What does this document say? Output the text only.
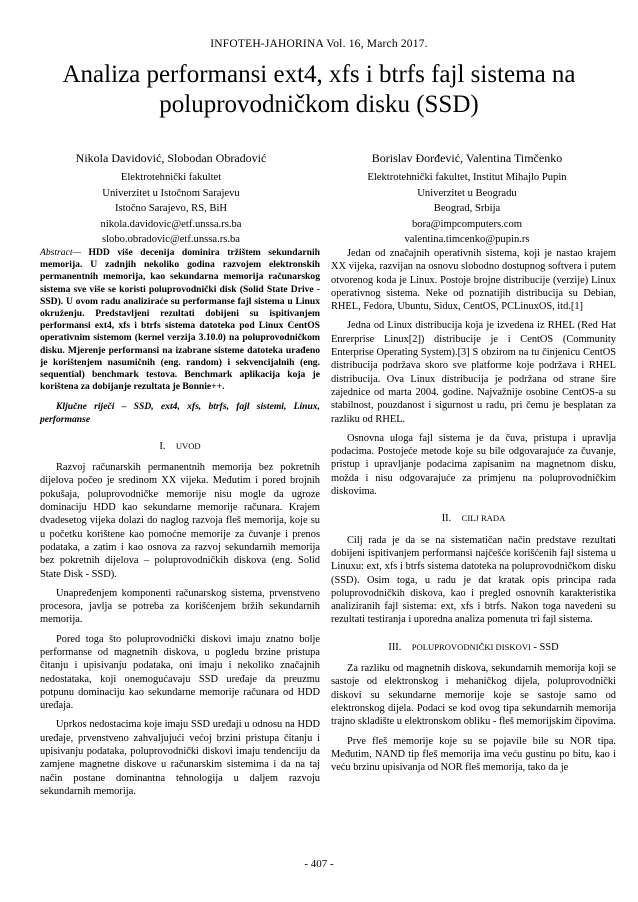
INFOTEH-JAHORINA Vol. 16, March 2017.
Analiza performansi ext4, xfs i btrfs fajl sistema na
poluprovodničkom disku (SSD)
Nikola Davidović, Slobodan Obradović
Elektrotehnički fakultet
Univerzitet u Istočnom Sarajevu
Istočno Sarajevo, RS, BiH
nikola.davidovic@etf.unssa.rs.ba
slobo.obradovic@etf.unssa.rs.ba
Borislav Đorđević, Valentina Timčenko
Elektrotehnički fakultet, Institut Mihajlo Pupin
Univerzitet u Beogradu
Beograd, Srbija
bora@impcomputers.com
valentina.timcenko@pupin.rs

Abstract— HDD više decenija dominira tržištem sekundarnih memorija. U zadnjih nekoliko godina razvojem elektronskih permanentnih memorija, kao sekundarna memorija računarskog sistema sve više se koristi poluprovodnički disk (Solid State Drive - SSD). U ovom radu analiziraće su performanse fajl sistema u Linux okruženju. Predstavljeni rezultati dobijeni su ispitivanjem performansi ext4, xfs i btrfs sistema datoteka pod Linux CentOS operativnim sistemom (kernel verzija 3.10.0) na poluprovodničkom disku. Mjerenje performansi na izabrane sisteme datoteka urađeno je korištenjem nasumičnih (eng. random) i sekvencijalnih (eng. sequential) benchmark testova. Benchmark aplikacija koja je korištena za dobijanje rezultata je Bonnie++.

Ključne riječi – SSD, ext4, xfs, btrfs, fajl sistemi, Linux, performanse

I. UVOD

Razvoj računarskih permanentnih memorija bez pokretnih dijelova počeo je sredinom XX vijeka. Međutim i pored brojnih pokušaja, poluprovodničke memorije nisu mogle da ugroze dominaciju HDD kao sekundarne memorije računara. Krajem dvadesetog vijeka dolazi do naglog razvoja fleš memorija, koje su u početku korištene kao pomoćne memorije za čuvanje i prenos podataka, a zatim i kao osnova za razvoj sekundarnih memorija bez pokretnih dijelova – poluprovodničkih diskova (eng. Solid State Disk - SSD).

Unapređenjem komponenti računarskog sistema, prvenstveno procesora, javlja se potreba za korišćenjem bržih sekundarnih memorija.

Pored toga što poluprovodnički diskovi imaju znatno bolje performanse od magnetnih diskova, u pogledu brzine pristupa čitanju i upisivanju podataka, oni imaju i nekoliko značajnih nedostataka, koji onemogućavaju SSD uređaje da preuzmu potpunu dominaciju kao sekundarne memorije računara od HDD uređaja.

Uprkos nedostacima koje imaju SSD uređaji u odnosu na HDD uređaje, prvenstveno zahvaljujući većoj brzini pristupa čitanju i upisivanju podataka, poluprovodnički diskovi imaju tendenciju da zamjene magnetne diskove u računarskim sistemima i da na taj način postane dominantna tehnologija u daljem razvoju sekundarnih memorija.

Jedan od značajnih operativnih sistema, koji je nastao krajem XX vijeka, razvijan na osnovu slobodno dostupnog softvera i putem otvorenog koda je Linux. Postoje brojne distribucije (verzije) Linux operativnog sistema. Neke od poznatijih distribucija su Debian, RHEL, Fedora, Ubuntu, Sidux, CentOS, PCLinuxOS, itd.[1]

Jedna od Linux distribucija koja je izvedena iz RHEL (Red Hat Enrerprise Linux[2]) distribucije je i CentOS (Community Enterprise Operating System).[3] S obzirom na tu činjenicu CentOS distribucija podržava skoro sve platforme koje podržava i RHEL distribucija. Ova Linux distribucija je podržana od strane šire zajednice od marta 2004. godine. Najvažnije osobine CentOS-a su stabilnost, pouzdanost i sigurnost u radu, pri čemu je besplatan za razliku od RHEL.

Osnovna uloga fajl sistema je da čuva, pristupa i upravlja podacima. Postojeće metode koje su bile odgovarajuće za čuvanje, pristup i upravljanje podacima zapisanim na magnetnom disku, možda i nisu odgovarajuće za primjenu na poluprovodničkim diskovima.

II. CILJ RADA

Cilj rada je da se na sistematičan način predstave rezultati dobijeni ispitivanjem performansi najčešće korišćenih fajl sistema u Linuxu: ext, xfs i btrfs sistema datoteka na poluprovodničkom disku (SSD). Osim toga, u radu je dat kratak opis principa rada poluprovodničkih diskova, kao i pregled osnovnih karakteristika analiziranih fajl sistema: ext, xfs i btrfs. Nakon toga navedeni su rezultati testiranja i uporedna analiza pomenuta tri fajl sistema.

III. POLUPROVODNIČKI DISKOVI - SSD

Za razliku od magnetnih diskova, sekundarnih memorija koji se sastoje od elektronskog i mehaničkog dijela, poluprovodnički diskovi su sekundarne memorije koje se sastoje samo od elektronskog dijela. Podaci se kod ovog tipa sekundarnih memorija trajno skladište u elektronskom obliku - fleš memorijskim čipovima.

Prve fleš memorije koje su se pojavile bile su NOR tipa. Međutim, NAND tip fleš memorija ima veću gustinu po bitu, kao i veću brzinu upisivanja od NOR fleš memorija, tako da je

- 407 -
